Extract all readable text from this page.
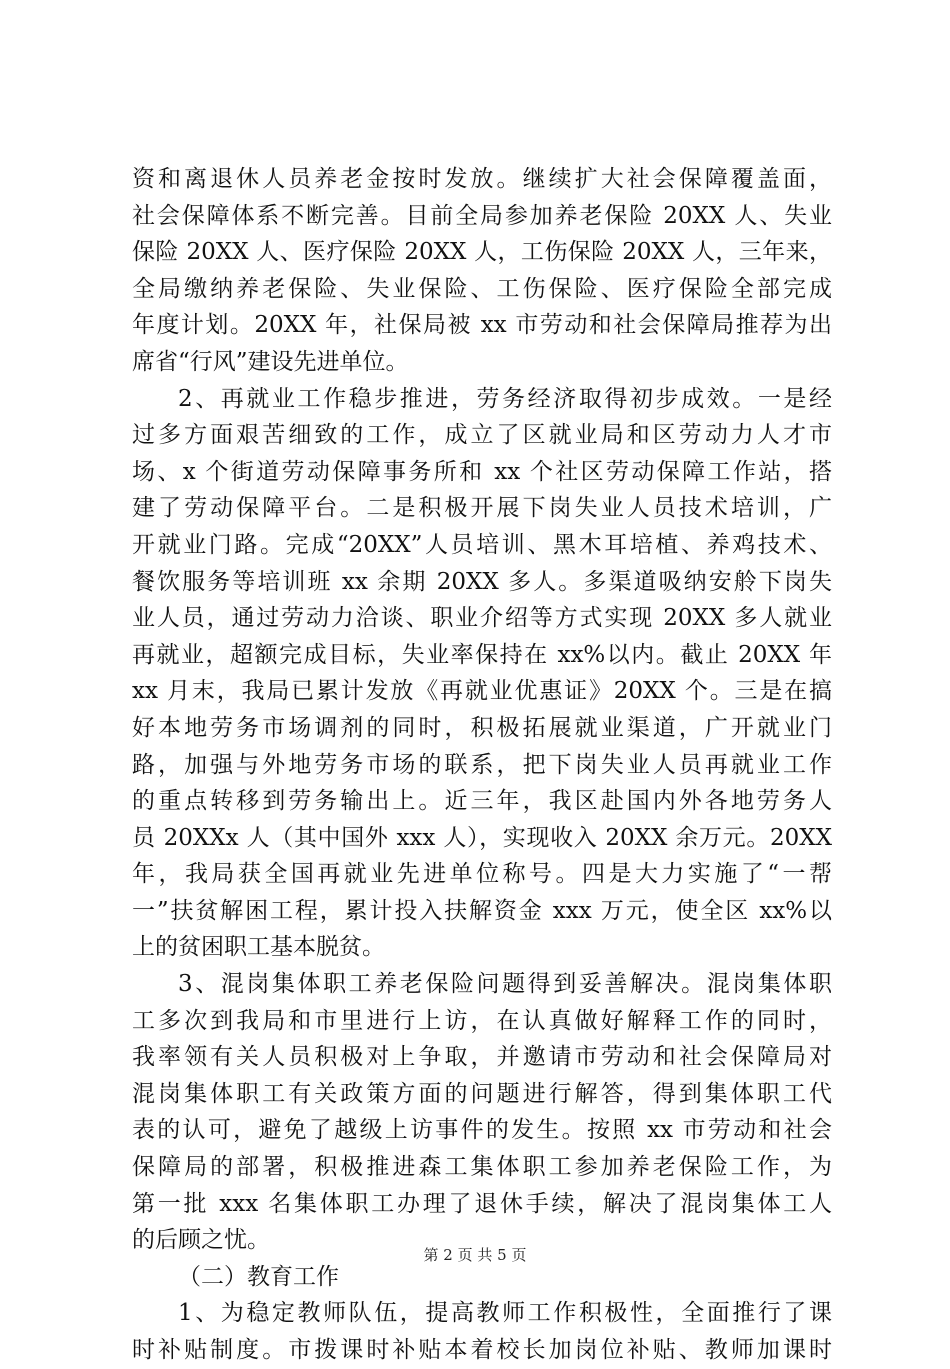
资和离退休人员养老金按时发放。继续扩大社会保障覆盖面，
社会保障体系不断完善。目前全局参加养老保险 20XX 人、失业
保险 20XX 人、医疗保险 20XX 人，工伤保险 20XX 人，三年来，
全局缴纳养老保险、失业保险、工伤保险、医疗保险全部完成
年度计划。20XX 年，社保局被 xx 市劳动和社会保障局推荐为出
席省“行风”建设先进单位。
2、再就业工作稳步推进，劳务经济取得初步成效。一是经
过多方面艰苦细致的工作，成立了区就业局和区劳动力人才市
场、x 个街道劳动保障事务所和 xx 个社区劳动保障工作站，搭
建了劳动保障平台。二是积极开展下岗失业人员技术培训，广
开就业门路。完成“20XX”人员培训、黑木耳培植、养鸡技术、
餐饮服务等培训班 xx 余期 20XX 多人。多渠道吸纳安舲下岗失
业人员，通过劳动力洽谈、职业介绍等方式实现 20XX 多人就业
再就业，超额完成目标，失业率保持在 xx%以内。截止 20XX 年
xx 月末，我局已累计发放《再就业优惠证》20XX 个。三是在搞
好本地劳务市场调剂的同时，积极拓展就业渠道，广开就业门
路，加强与外地劳务市场的联系，把下岗失业人员再就业工作
的重点转移到劳务输出上。近三年，我区赴国内外各地劳务人
员 20XXx 人（其中国外 xxx 人），实现收入 20XX 余万元。20XX
年，我局获全国再就业先进单位称号。四是大力实施了“一帮
一”扶贫解困工程，累计投入扶解资金 xxx 万元，使全区 xx%以
上的贫困职工基本脱贫。
3、混岗集体职工养老保险问题得到妥善解决。混岗集体职
工多次到我局和市里进行上访，在认真做好解释工作的同时，
我率领有关人员积极对上争取，并邀请市劳动和社会保障局对
混岗集体职工有关政策方面的问题进行解答，得到集体职工代
表的认可，避免了越级上访事件的发生。按照 xx 市劳动和社会
保障局的部署，积极推进森工集体职工参加养老保险工作，为
第一批 xxx 名集体职工办理了退休手续，解决了混岗集体工人
的后顾之忧。
（二）教育工作
1、为稳定教师队伍，提高教师工作积极性，全面推行了课
时补贴制度。市拨课时补贴本着校长加岗位补贴、教师加课时
第 2 页 共 5 页
